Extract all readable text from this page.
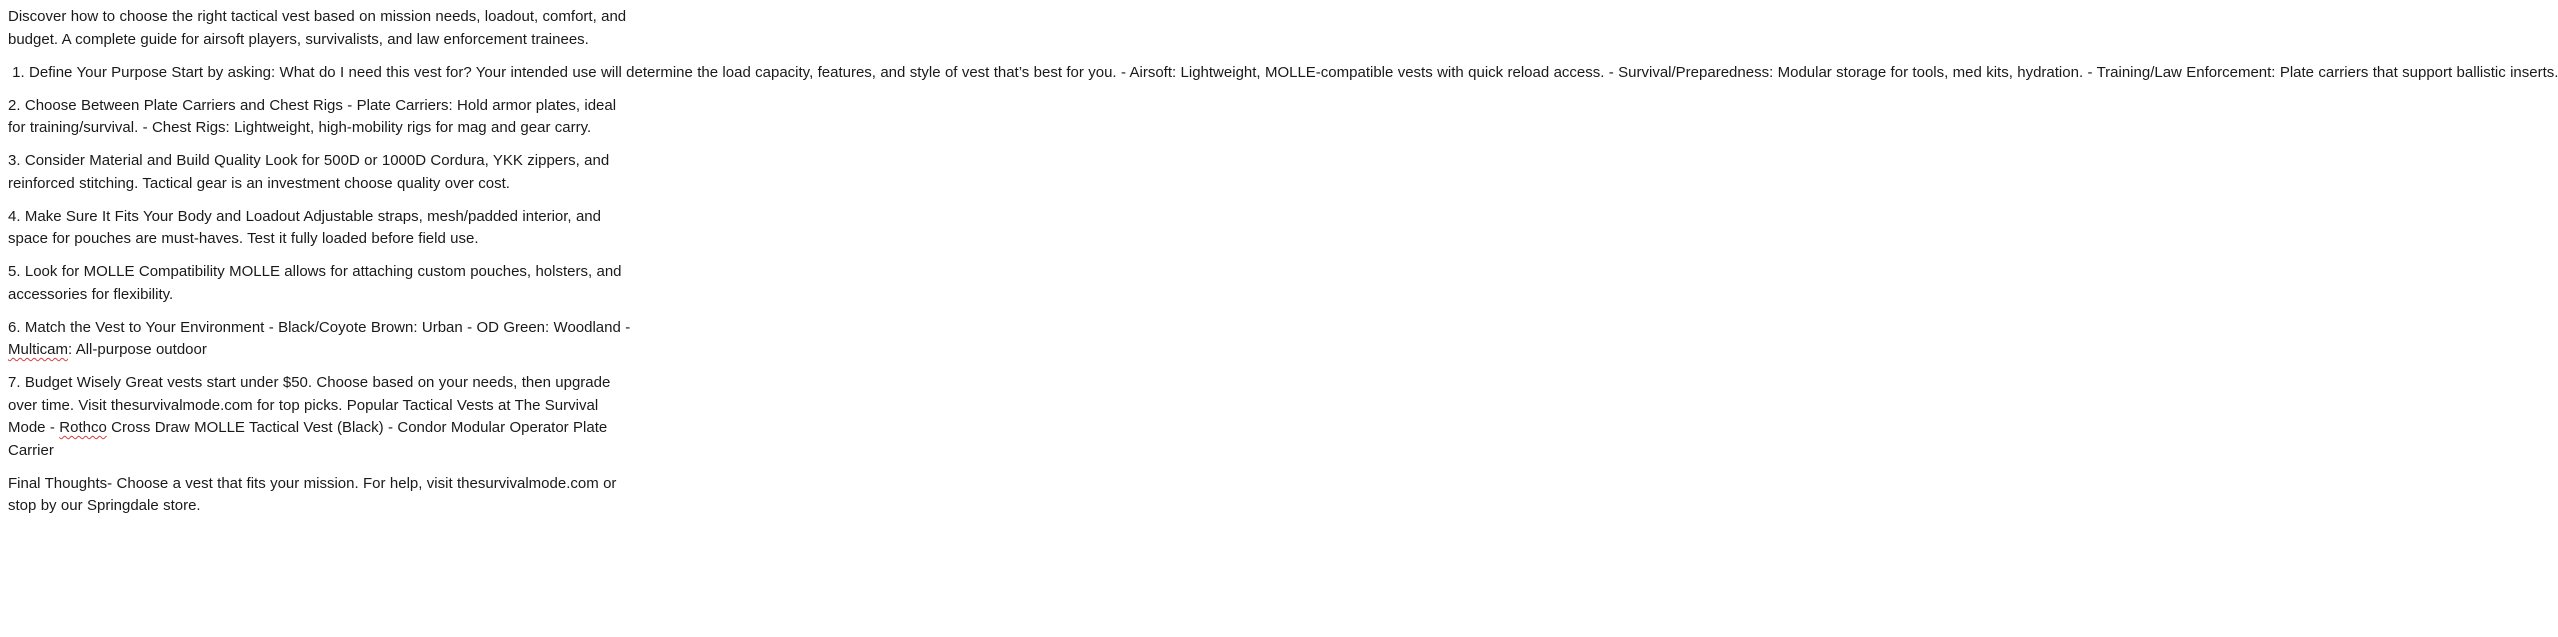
Discover how to choose the right tactical vest based on mission needs, loadout, comfort, and budget. A complete guide for airsoft players, survivalists, and law enforcement trainees.

1. Define Your Purpose Start by asking: What do I need this vest for? Your intended use will determine the load capacity, features, and style of vest that’s best for you. - Airsoft: Lightweight, MOLLE-compatible vests with quick reload access. - Survival/Preparedness: Modular storage for tools, med kits, hydration. - Training/Law Enforcement: Plate carriers that support ballistic inserts.

2. Choose Between Plate Carriers and Chest Rigs - Plate Carriers: Hold armor plates, ideal for training/survival. - Chest Rigs: Lightweight, high-mobility rigs for mag and gear carry.

3. Consider Material and Build Quality Look for 500D or 1000D Cordura, YKK zippers, and reinforced stitching. Tactical gear is an investment choose quality over cost.

4. Make Sure It Fits Your Body and Loadout Adjustable straps, mesh/padded interior, and space for pouches are must-haves. Test it fully loaded before field use.

5. Look for MOLLE Compatibility MOLLE allows for attaching custom pouches, holsters, and accessories for flexibility.

6. Match the Vest to Your Environment - Black/Coyote Brown: Urban - OD Green: Woodland - Multicam: All-purpose outdoor

7. Budget Wisely Great vests start under $50. Choose based on your needs, then upgrade over time. Visit thesurvivalmode.com for top picks. Popular Tactical Vests at The Survival Mode - Rothco Cross Draw MOLLE Tactical Vest (Black) - Condor Modular Operator Plate Carrier

Final Thoughts- Choose a vest that fits your mission. For help, visit thesurvivalmode.com or stop by our Springdale store.
